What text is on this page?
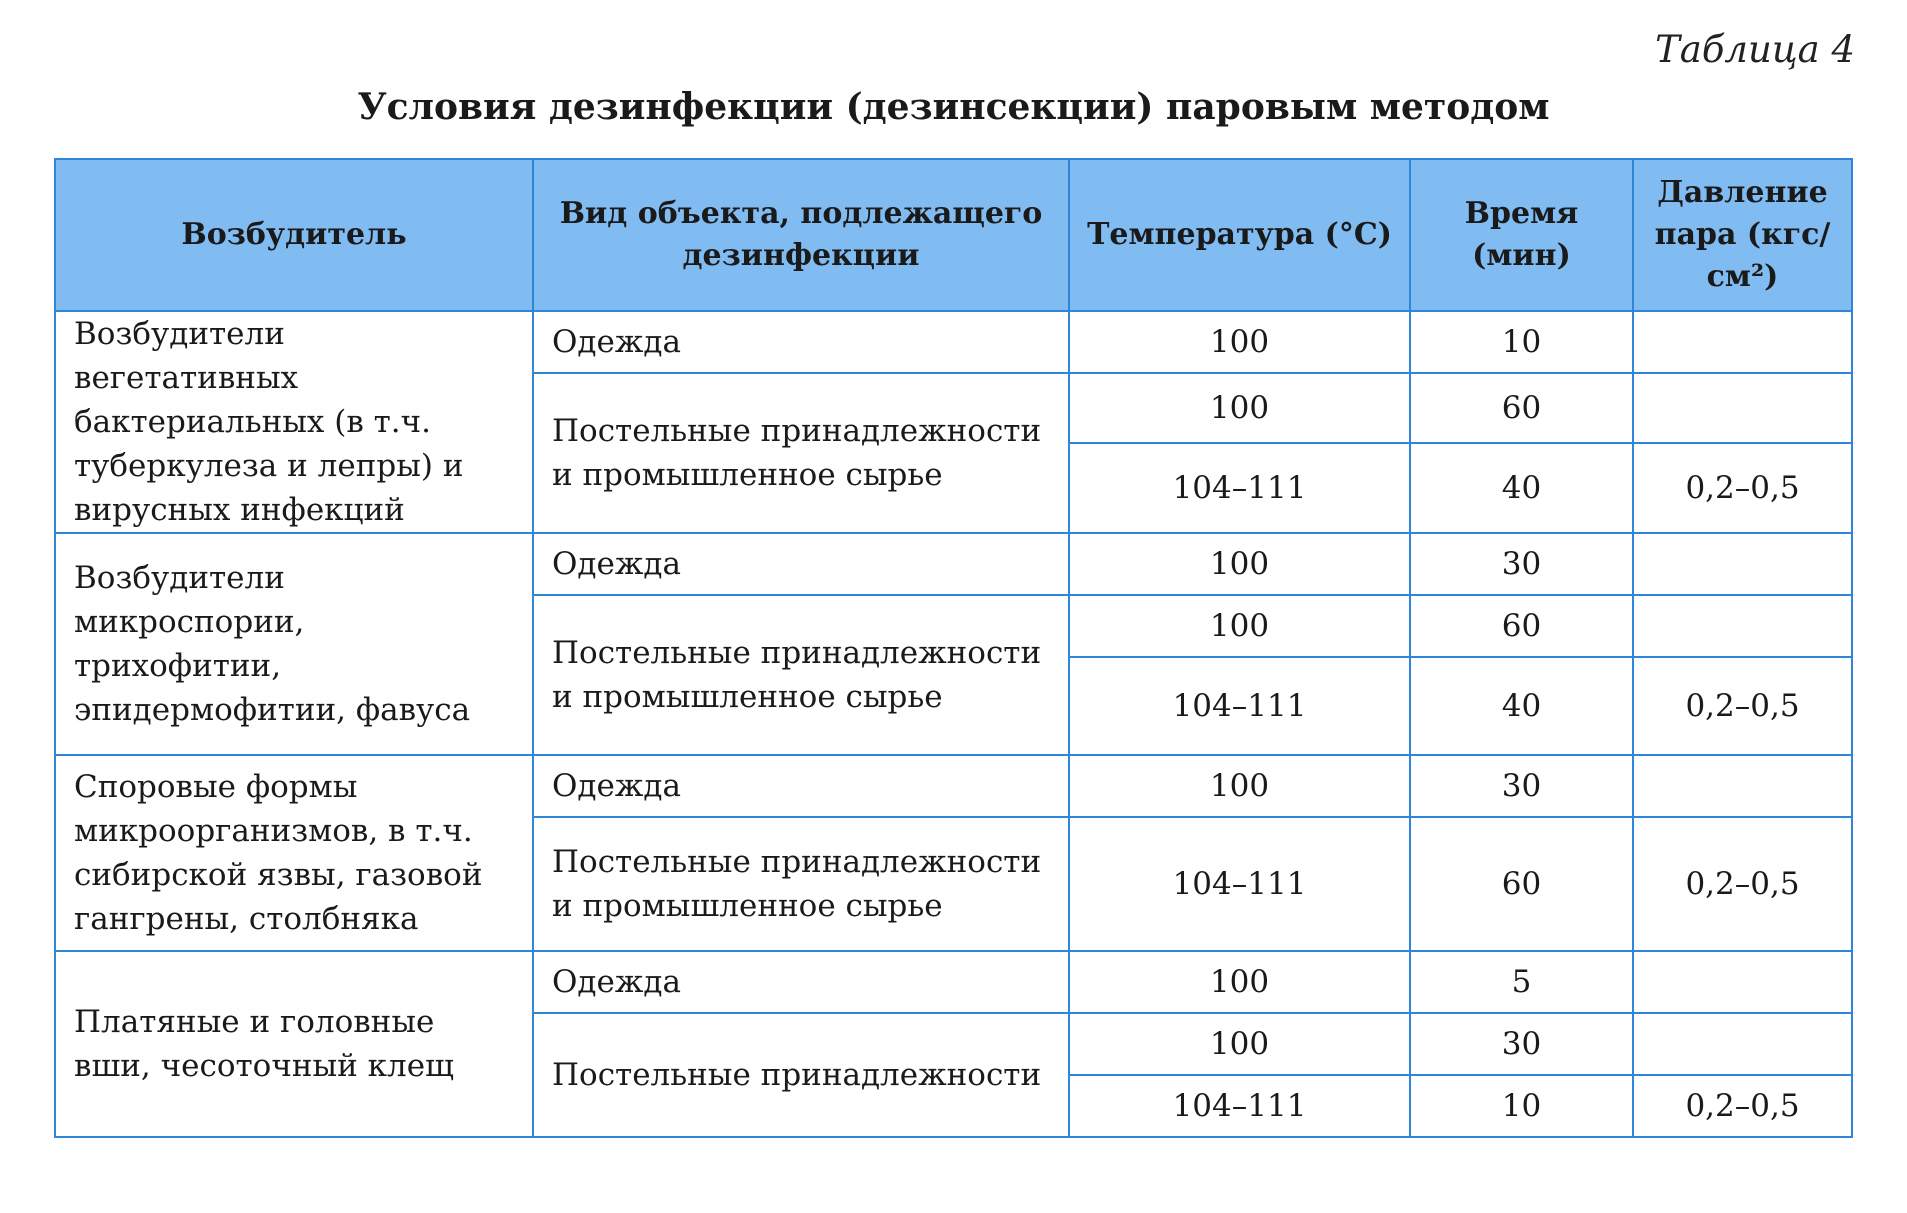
Таблица 4
Условия дезинфекции (дезинсекции) паровым методом
Возбудитель	Вид объекта, подлежащего дезинфекции	Температура (°С)	Время (мин)	Давление пара (кгс/см²)
Возбудители вегетативных бактериальных (в т.ч. туберкулеза и лепры) и вирусных инфекций	Одежда	100	10	
	Постельные принадлежности и промышленное сырье	100	60	
		104–111	40	0,2–0,5
Возбудители микроспории, трихофитии, эпидермофитии, фавуса	Одежда	100	30	
	Постельные принадлежности и промышленное сырье	100	60	
		104–111	40	0,2–0,5
Споровые формы микроорганизмов, в т.ч. сибирской язвы, газовой гангрены, столбняка	Одежда	100	30	
	Постельные принадлежности и промышленное сырье	104–111	60	0,2–0,5
Платяные и головные вши, чесоточный клещ	Одежда	100	5	
	Постельные принадлежности	100	30	
		104–111	10	0,2–0,5
